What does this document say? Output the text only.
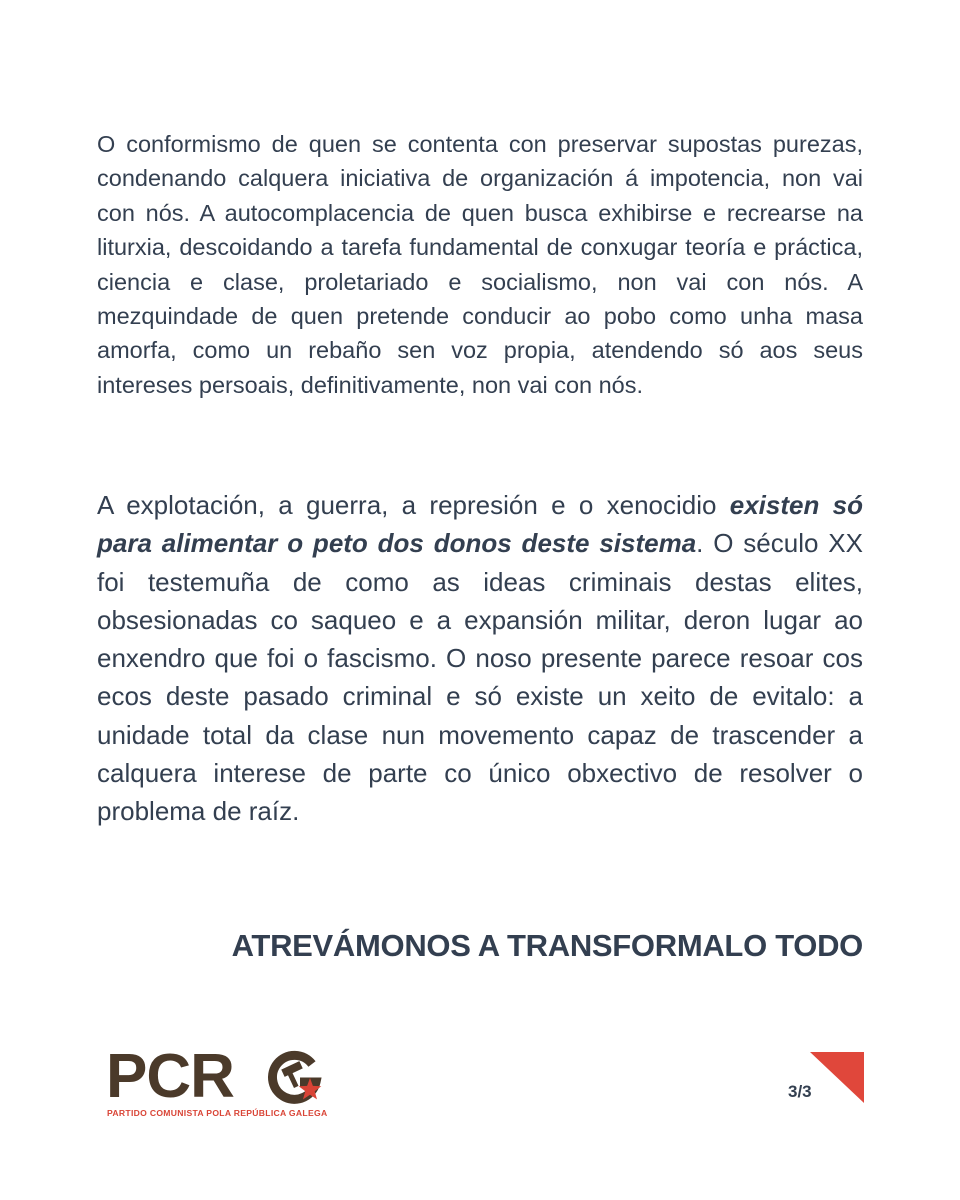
O conformismo de quen se contenta con preservar supostas purezas, condenando calquera iniciativa de organización á impotencia, non vai con nós. A autocomplacencia de quen busca exhibirse e recrearse na liturxia, descoidando a tarefa fundamental de conxugar teoría e práctica, ciencia e clase, proletariado e socialismo, non vai con nós. A mezquindade de quen pretende conducir ao pobo como unha masa amorfa, como un rebaño sen voz propia, atendendo só aos seus intereses persoais, definitivamente, non vai con nós.

A explotación, a guerra, a represión e o xenocidio existen só para alimentar o peto dos donos deste sistema. O século XX foi testemuña de como as ideas criminais destas elites, obsesionadas co saqueo e a expansión militar, deron lugar ao enxendro que foi o fascismo. O noso presente parece resoar cos ecos deste pasado criminal e só existe un xeito de evitalo: a unidade total da clase nun movemento capaz de trascender a calquera interese de parte co único obxectivo de resolver o problema de raíz.

ATREVÁMONOS A TRANSFORMALO TODO
PCR
PARTIDO COMUNISTA POLA REPÚBLICA GALEGA
3/3
